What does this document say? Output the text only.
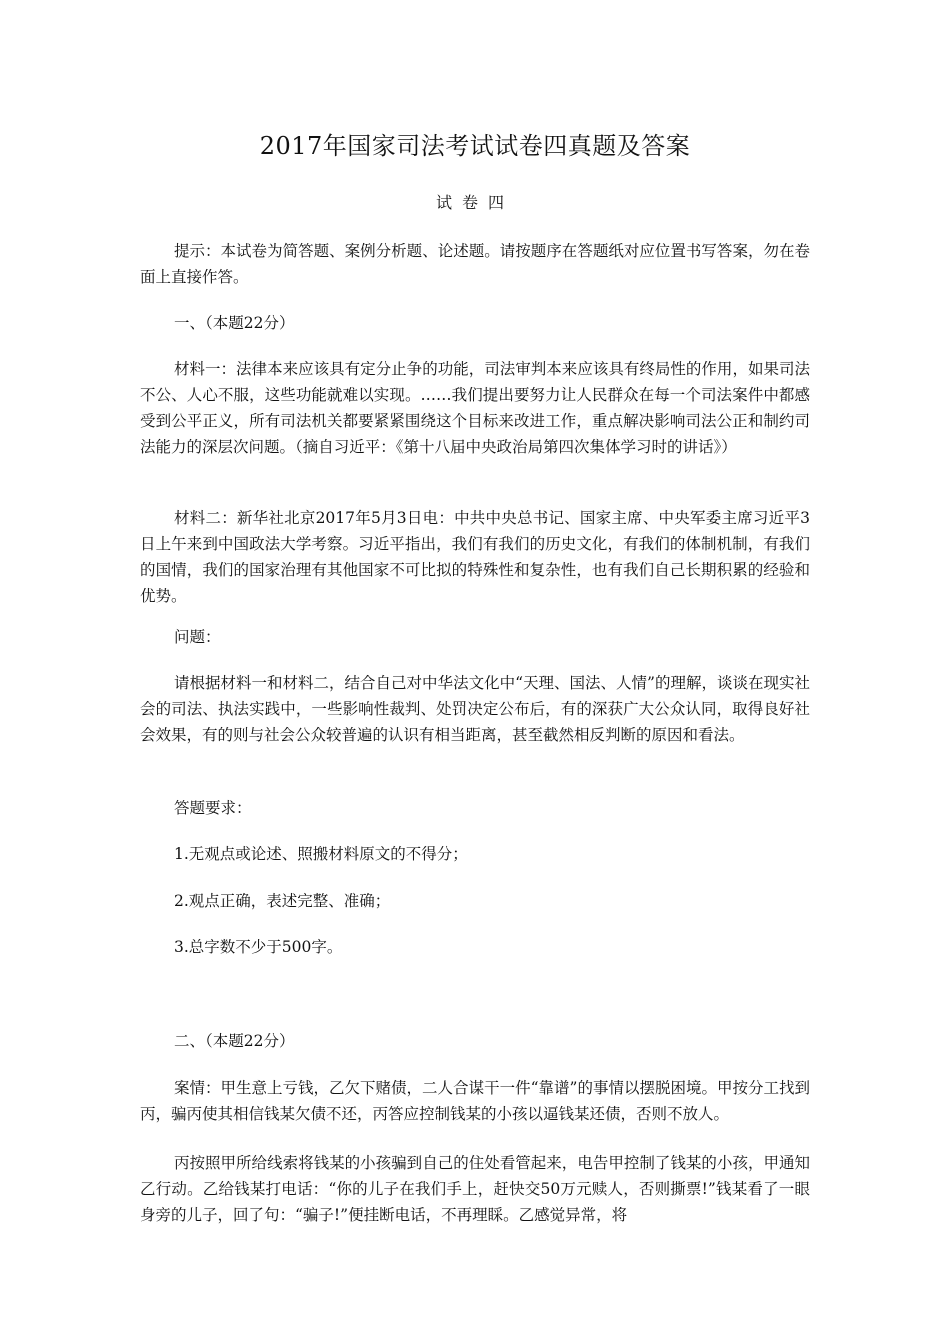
2017年国家司法考试试卷四真题及答案
试卷四

提示：本试卷为简答题、案例分析题、论述题。请按题序在答题纸对应位置书写答案，勿在卷面上直接作答。

一、（本题22分）

材料一：法律本来应该具有定分止争的功能，司法审判本来应该具有终局性的作用，如果司法不公、人心不服，这些功能就难以实现。……我们提出要努力让人民群众在每一个司法案件中都感受到公平正义，所有司法机关都要紧紧围绕这个目标来改进工作，重点解决影响司法公正和制约司法能力的深层次问题。（摘自习近平：《第十八届中央政治局第四次集体学习时的讲话》）

材料二：新华社北京2017年5月3日电：中共中央总书记、国家主席、中央军委主席习近平3日上午来到中国政法大学考察。习近平指出，我们有我们的历史文化，有我们的体制机制，有我们的国情，我们的国家治理有其他国家不可比拟的特殊性和复杂性，也有我们自己长期积累的经验和优势。

问题：

请根据材料一和材料二，结合自己对中华法文化中“天理、国法、人情”的理解，谈谈在现实社会的司法、执法实践中，一些影响性裁判、处罚决定公布后，有的深获广大公众认同，取得良好社会效果，有的则与社会公众较普遍的认识有相当距离，甚至截然相反判断的原因和看法。

答题要求：

1.无观点或论述、照搬材料原文的不得分；

2.观点正确，表述完整、准确；

3.总字数不少于500字。

二、（本题22分）

案情：甲生意上亏钱，乙欠下赌债，二人合谋干一件“靠谱”的事情以摆脱困境。甲按分工找到丙，骗丙使其相信钱某欠债不还，丙答应控制钱某的小孩以逼钱某还债，否则不放人。

丙按照甲所给线索将钱某的小孩骗到自己的住处看管起来，电告甲控制了钱某的小孩，甲通知乙行动。乙给钱某打电话：“你的儿子在我们手上，赶快交50万元赎人，否则撕票!”钱某看了一眼身旁的儿子，回了句：“骗子!”便挂断电话，不再理睬。乙感觉异常，将
